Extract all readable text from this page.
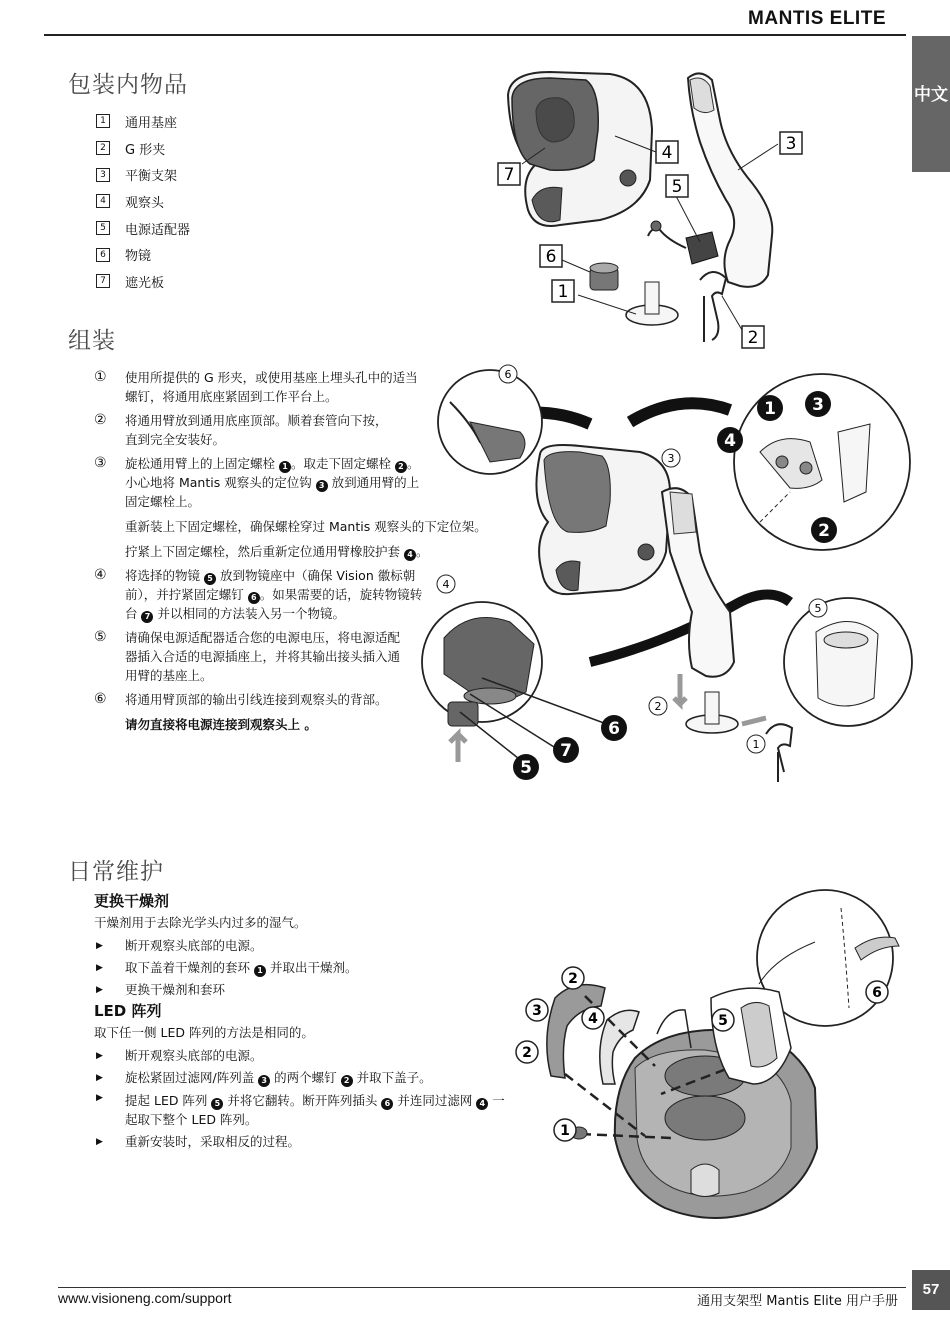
MANTIS ELITE
中文
包装内物品
1	通用基座
2	G 形夹
3	平衡支架
4	观察头
5	电源适配器
6	物镜
7	遮光板
7
4	3
5
6
1
2
组装
① 使用所提供的 G 形夹，或使用基座上埋头孔中的适当螺钉，将通用底座紧固到工作平台上。

② 将通用臂放到通用底座顶部。顺着套管向下按，直到完全安装好。

③ 旋松通用臂上的上固定螺栓 1 。取走下固定螺栓 2 。小心地将 Mantis 观察头的定位钩 3 放到通用臂的上固定螺栓上。

重新装上下固定螺栓，确保螺栓穿过 Mantis 观察头的下定位架。

拧紧上下固定螺栓，然后重新定位通用臂橡胶护套 4 。

④ 将选择的物镜 5 放到物镜座中（确保 Vision 徽标朝前），并拧紧固定螺钉 6 。如果需要的话，旋转物镜转台 7 并以相同的方法装入另一个物镜。

⑤ 请确保电源适配器适合您的电源电压，将电源适配器插入合适的电源插座上，并将其输出接头插入通用臂的基座上。

⑥ 将通用臂顶部的输出引线连接到观察头的背部。

请勿直接将电源连接到观察头上 。

6
3
4
5
2
1
1 3
4
2
6
7
5
日常维护
更换干燥剂
干燥剂用于去除光学头内过多的湿气。
▶ 断开观察头底部的电源。
▶ 取下盖着干燥剂的套环 1 并取出干燥剂。
▶ 更换干燥剂和套环
LED 阵列
取下任一侧 LED 阵列的方法是相同的。
▶ 断开观察头底部的电源。
▶ 旋松紧固过滤网/阵列盖 3 的两个螺钉 2 并取下盖子。
▶ 提起 LED 阵列 5 并将它翻转。断开阵列插头 6 并连同过滤网 4 一起取下整个 LED 阵列。
▶ 重新安装时，采取相反的过程。
2
3	4
2
1
5
6
www.visioneng.com/support	通用支架型 Mantis Elite 用户手册
57
